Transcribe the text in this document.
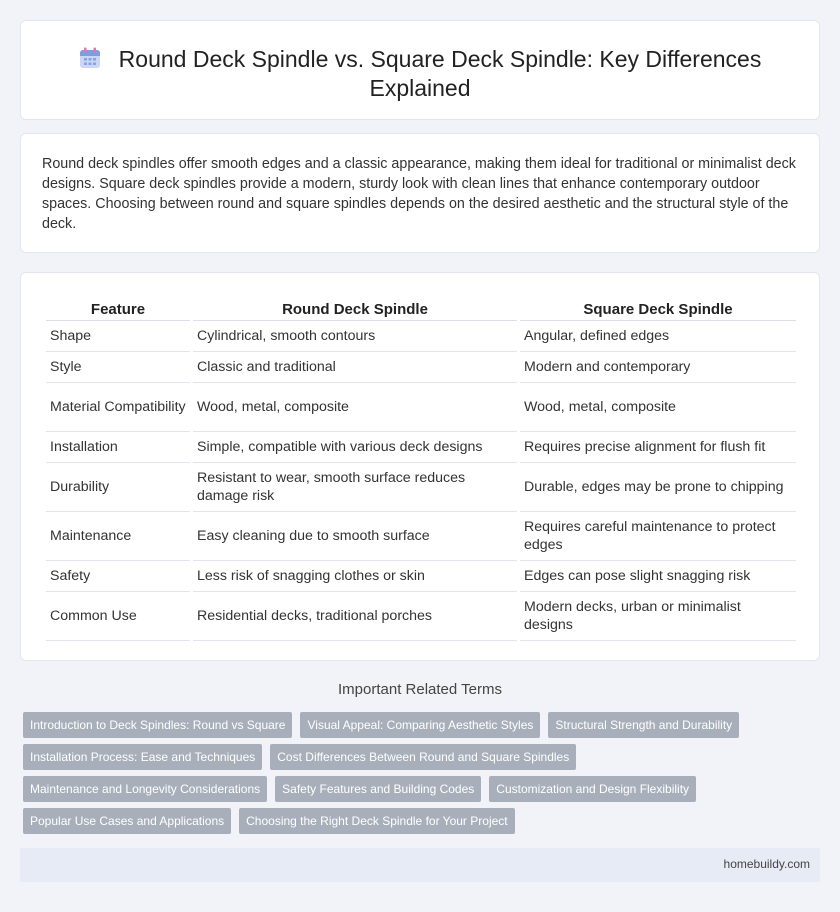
Round Deck Spindle vs. Square Deck Spindle: Key Differences
Explained
Round deck spindles offer smooth edges and a classic appearance, making them ideal for traditional or minimalist deck designs. Square deck spindles provide a modern, sturdy look with clean lines that enhance contemporary outdoor spaces. Choosing between round and square spindles depends on the desired aesthetic and the structural style of the deck.
Feature	Round Deck Spindle	Square Deck Spindle
Shape	Cylindrical, smooth contours	Angular, defined edges
Style	Classic and traditional	Modern and contemporary
Material Compatibility	Wood, metal, composite	Wood, metal, composite
Installation	Simple, compatible with various deck designs	Requires precise alignment for flush fit
Durability	Resistant to wear, smooth surface reduces damage risk	Durable, edges may be prone to chipping
Maintenance	Easy cleaning due to smooth surface	Requires careful maintenance to protect edges
Safety	Less risk of snagging clothes or skin	Edges can pose slight snagging risk
Common Use	Residential decks, traditional porches	Modern decks, urban or minimalist designs
Important Related Terms
Introduction to Deck Spindles: Round vs Square	Visual Appeal: Comparing Aesthetic Styles	Structural Strength and Durability
Installation Process: Ease and Techniques	Cost Differences Between Round and Square Spindles
Maintenance and Longevity Considerations	Safety Features and Building Codes	Customization and Design Flexibility
Popular Use Cases and Applications	Choosing the Right Deck Spindle for Your Project
homebuildy.com
